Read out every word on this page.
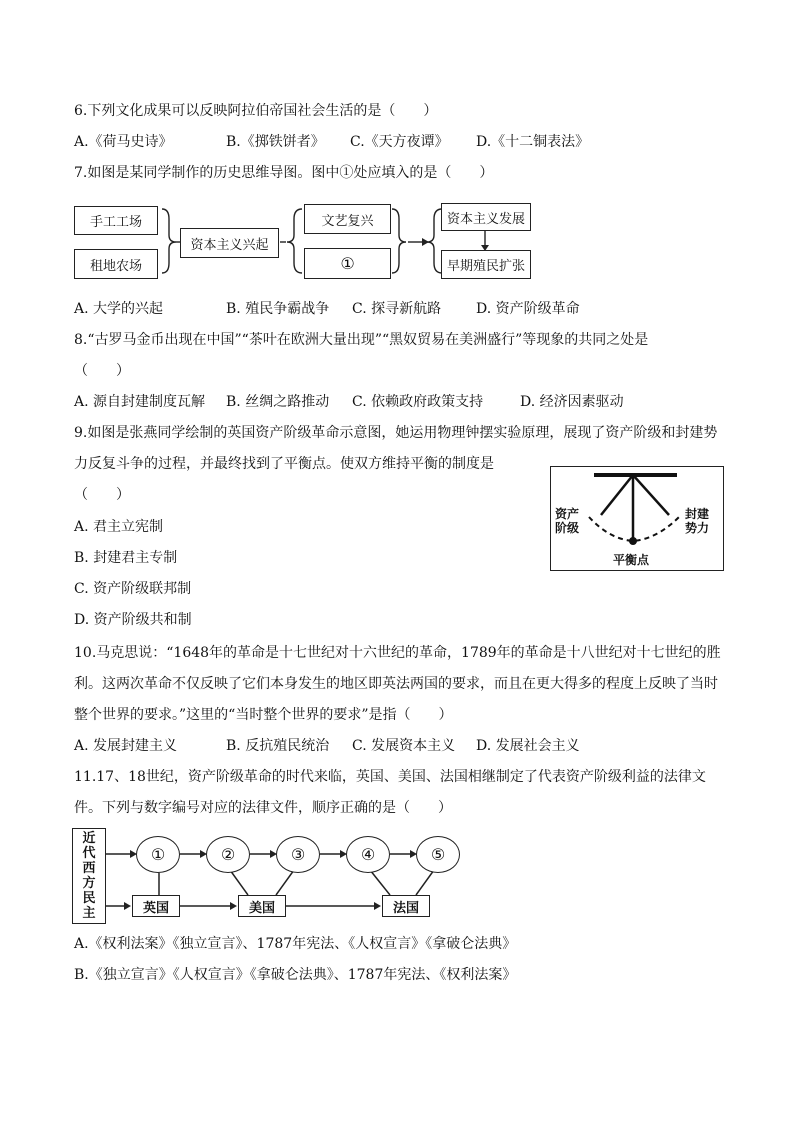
6.下列文化成果可以反映阿拉伯帝国社会生活的是（　　）
A.《荷马史诗》	B.《掷铁饼者》 C.《天方夜谭》 D.《十二铜表法》
7.如图是某同学制作的历史思维导图。图中①处应填入的是（　　）
手工工场
租地农场
资本主义兴起
文艺复兴
①
资本主义发展
早期殖民扩张
A. 大学的兴起	B. 殖民争霸战争 C. 探寻新航路 D. 资产阶级革命
8.“古罗马金币出现在中国”“茶叶在欧洲大量出现”“黑奴贸易在美洲盛行”等现象的共同之处是
（　　）
A. 源自封建制度瓦解 B. 丝绸之路推动 C. 依赖政府政策支持	D. 经济因素驱动
9.如图是张燕同学绘制的英国资产阶级革命示意图，她运用物理钟摆实验原理，展现了资产阶级和封建势
力反复斗争的过程，并最终找到了平衡点。使双方维持平衡的制度是
（　　）
资产
阶级
封建
势力
平衡点
A. 君主立宪制
B. 封建君主专制
C. 资产阶级联邦制
D. 资产阶级共和制
10.马克思说：“1648年的革命是十七世纪对十六世纪的革命，1789年的革命是十八世纪对十七世纪的胜
利。这两次革命不仅反映了它们本身发生的地区即英法两国的要求，而且在更大得多的程度上反映了当时
整个世界的要求。”这里的“当时整个世界的要求”是指（　　）
A. 发展封建主义	B. 反抗殖民统治 C. 发展资本主义 D. 发展社会主义
11.17、18世纪，资产阶级革命的时代来临，英国、美国、法国相继制定了代表资产阶级利益的法律文
件。下列与数字编号对应的法律文件，顺序正确的是（　　）
近
代
西
方
民
主
①	②	③	④	⑤
英国	美国	法国
A.《权利法案》《独立宣言》、1787年宪法、《人权宣言》《拿破仑法典》
B.《独立宣言》《人权宣言》《拿破仑法典》、1787年宪法、《权利法案》
